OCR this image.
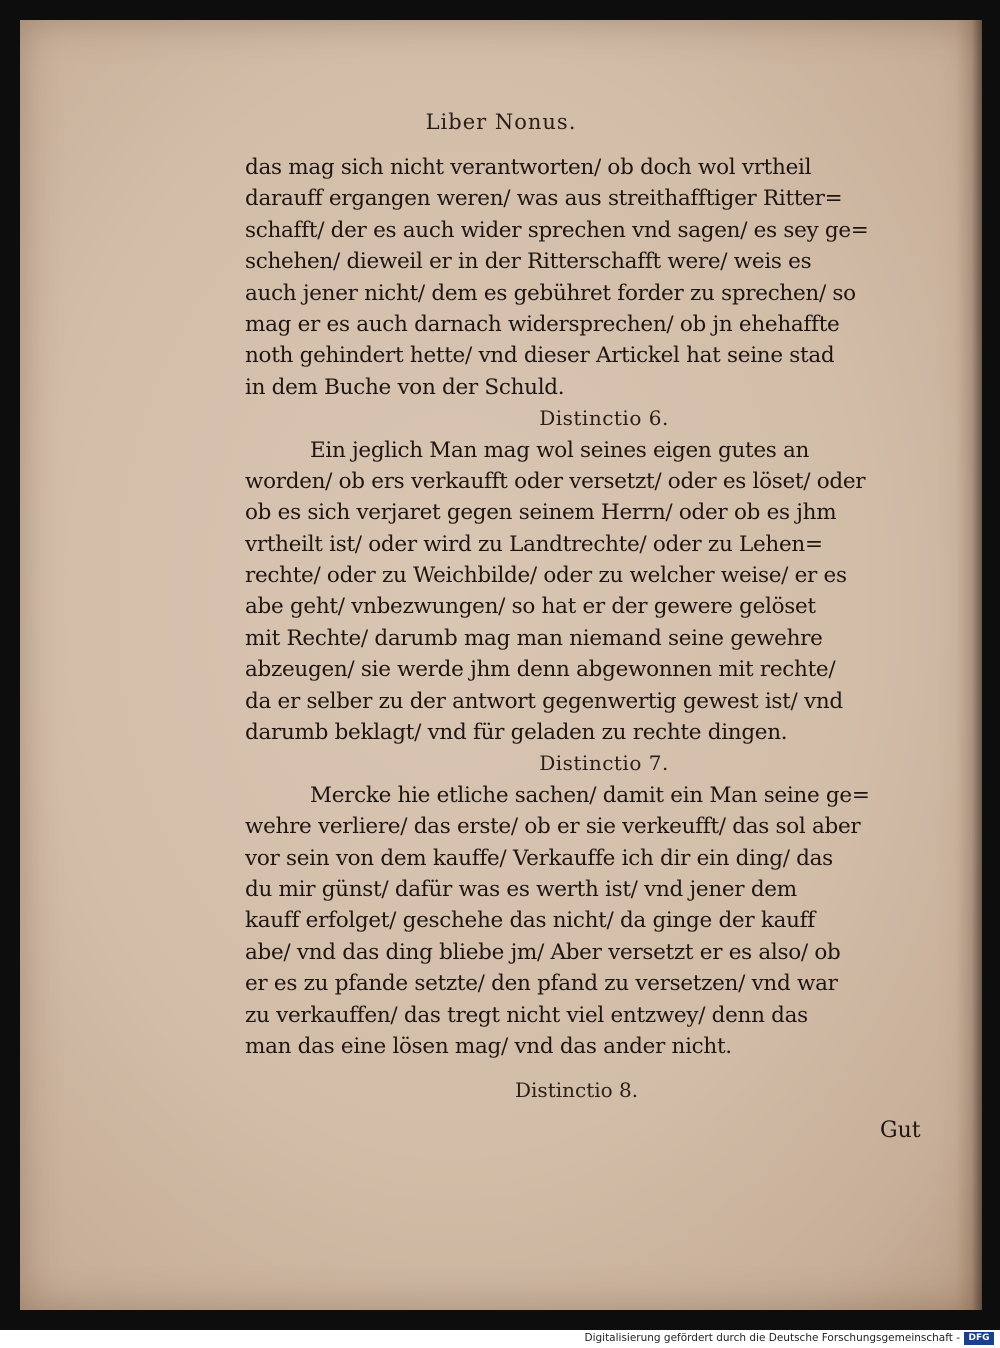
Liber Nonus.
das mag sich nicht verantworten/ ob doch wol vrtheil
darauff ergangen weren/ was aus streithafftiger Ritter=
schafft/ der es auch wider sprechen vnd sagen/ es sey ge=
schehen/ dieweil er in der Ritterschafft were/ weis es
auch jener nicht/ dem es gebühret forder zu sprechen/ so
mag er es auch darnach widersprechen/ ob jn ehehaffte
noth gehindert hette/ vnd dieser Artickel hat seine stad
in dem Buche von der Schuld.
Distinctio 6.
Ein jeglich Man mag wol seines eigen gutes an
worden/ ob ers verkaufft oder versetzt/ oder es löset/ oder
ob es sich verjaret gegen seinem Herrn/ oder ob es jhm
vrtheilt ist/ oder wird zu Landtrechte/ oder zu Lehen=
rechte/ oder zu Weichbilde/ oder zu welcher weise/ er es
abe geht/ vnbezwungen/ so hat er der gewere gelöset
mit Rechte/ darumb mag man niemand seine gewehre
abzeugen/ sie werde jhm denn abgewonnen mit rechte/
da er selber zu der antwort gegenwertig gewest ist/ vnd
darumb beklagt/ vnd für geladen zu rechte dingen.
Distinctio 7.
Mercke hie etliche sachen/ damit ein Man seine ge=
wehre verliere/ das erste/ ob er sie verkeufft/ das sol aber
vor sein von dem kauffe/ Verkauffe ich dir ein ding/ das
du mir günst/ dafür was es werth ist/ vnd jener dem
kauff erfolget/ geschehe das nicht/ da ginge der kauff
abe/ vnd das ding bliebe jm/ Aber versetzt er es also/ ob
er es zu pfande setzte/ den pfand zu versetzen/ vnd war
zu verkauffen/ das tregt nicht viel entzwey/ denn das
man das eine lösen mag/ vnd das ander nicht.
Distinctio 8.
Gut
Digitalisierung gefördert durch die Deutsche Forschungsgemeinschaft - DFG
